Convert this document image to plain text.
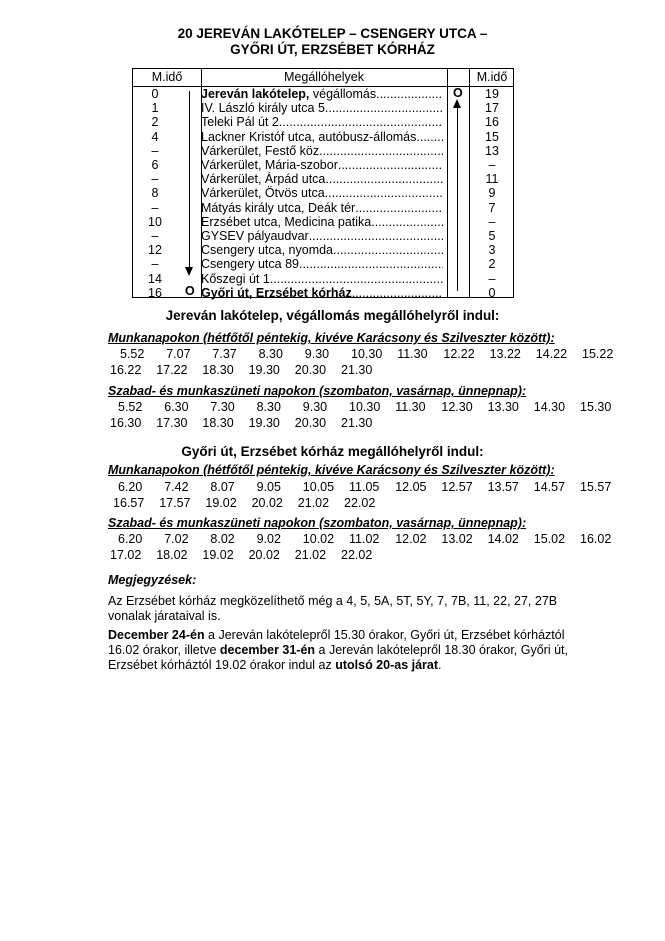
20 JEREVÁN LAKÓTELEP – CSENGERY UTCA –
GYŐRI ÚT, ERZSÉBET KÓRHÁZ
M.idő	Megállóhelyek	M.idő
0	Jereván lakótelep, végállomás .....	19
1	IV. László király utca 5. .....	17
2	Teleki Pál út 2. .....	16
4	Lackner Kristóf utca, autóbusz-állomás .....	15
–	Várkerület, Festő köz .....	13
6	Várkerület, Mária-szobor .....	–
–	Várkerület, Árpád utca .....	11
8	Várkerület, Ötvös utca .....	9
–	Mátyás király utca, Deák tér .....	7
10	Erzsébet utca, Medicina patika .....	–
–	GYSEV pályaudvar .....	5
12	Csengery utca, nyomda .....	3
–	Csengery utca 89. .....	2
14	Kőszegi út 1. .....	–
16	Győri út, Erzsébet kórház .....	0
O
O
Jereván lakótelep, végállomás megállóhelyről indul:
Munkanapokon (hétfőtől péntekig, kivéve Karácsony és Szilveszter között):
5.52 7.07 7.37 8.30 9.30 10.30 11.30 12.22 13.22 14.22 15.22
16.22 17.22 18.30 19.30 20.30 21.30
Szabad- és munkaszüneti napokon (szombaton, vasárnap, ünnepnap):
5.52 6.30 7.30 8.30 9.30 10.30 11.30 12.30 13.30 14.30 15.30
16.30 17.30 18.30 19.30 20.30 21.30
Győri út, Erzsébet kórház megállóhelyről indul:
Munkanapokon (hétfőtől péntekig, kivéve Karácsony és Szilveszter között):
6.20 7.42 8.07 9.05 10.05 11.05 12.05 12.57 13.57 14.57 15.57
16.57 17.57 19.02 20.02 21.02 22.02
Szabad- és munkaszüneti napokon (szombaton, vasárnap, ünnepnap):
6.20 7.02 8.02 9.02 10.02 11.02 12.02 13.02 14.02 15.02 16.02
17.02 18.02 19.02 20.02 21.02 22.02
Megjegyzések:
Az Erzsébet kórház megközelíthető még a 4, 5, 5A, 5T, 5Y, 7, 7B, 11, 22, 27, 27B vonalak járataival is.
December 24-én a Jereván lakótelepről 15.30 órakor, Győri út, Erzsébet kórháztól 16.02 órakor, illetve december 31-én a Jereván lakótelepről 18.30 órakor, Győri út, Erzsébet kórháztól 19.02 órakor indul az utolsó 20-as járat.
